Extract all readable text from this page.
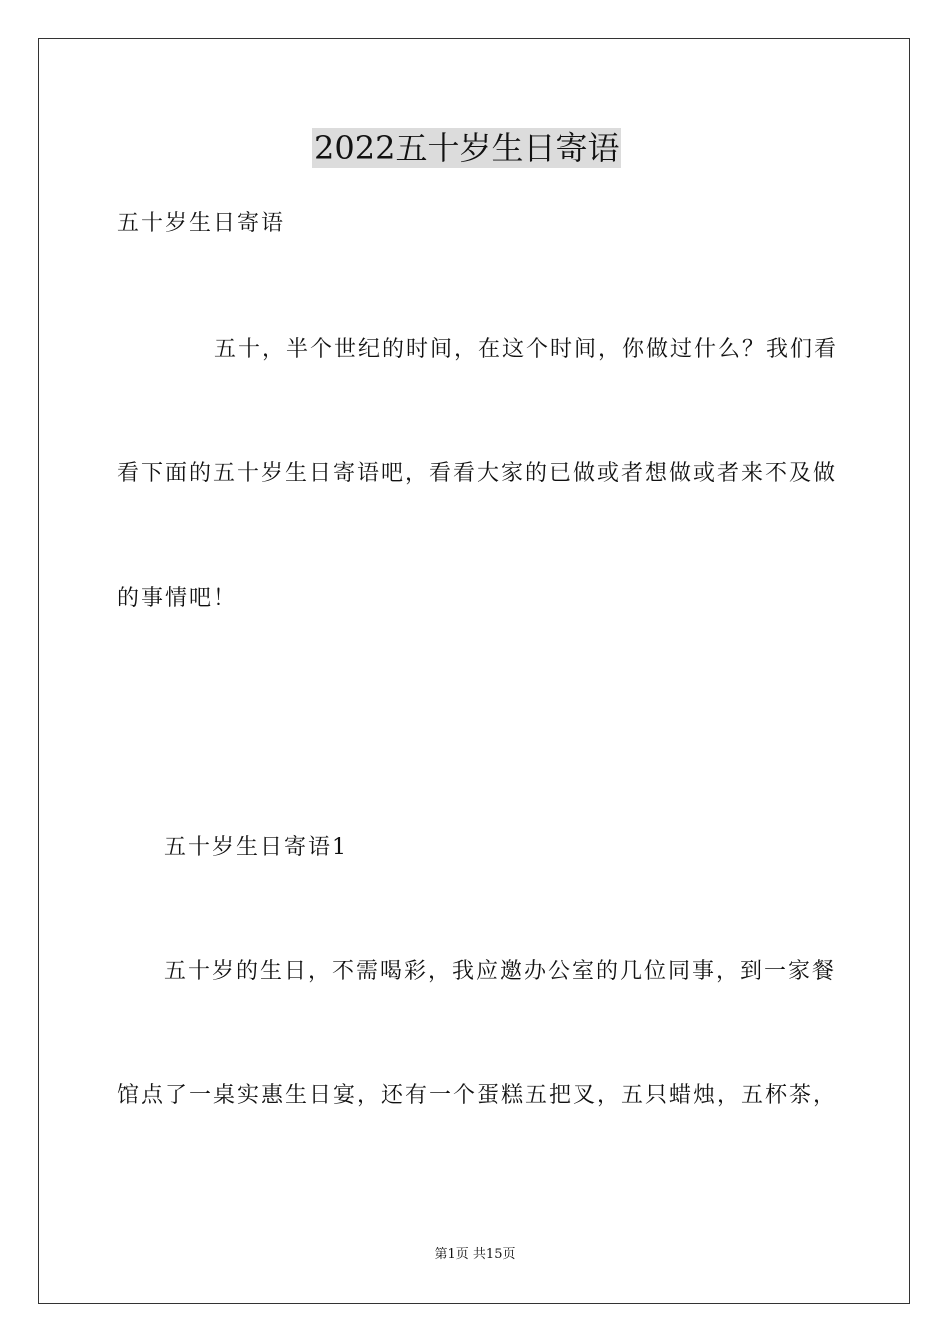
2022五十岁生日寄语
五十岁生日寄语
五十，半个世纪的时间，在这个时间，你做过什么？我们看
看下面的五十岁生日寄语吧，看看大家的已做或者想做或者来不及做
的事情吧！
五十岁生日寄语1
五十岁的生日，不需喝彩，我应邀办公室的几位同事，到一家餐
馆点了一桌实惠生日宴，还有一个蛋糕五把叉，五只蜡烛，五杯茶，
第1页 共15页
